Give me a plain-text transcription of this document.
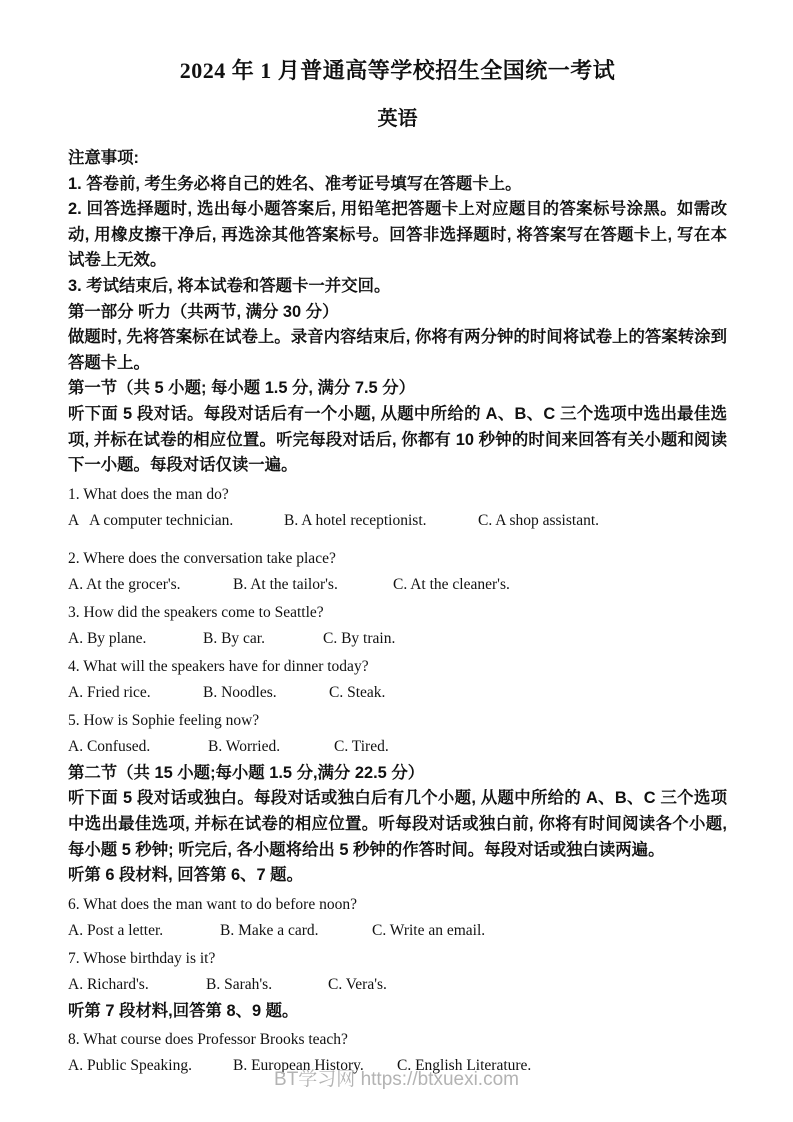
2024 年 1 月普通高等学校招生全国统一考试
英语

注意事项:

1. 答卷前, 考生务必将自己的姓名、准考证号填写在答题卡上。

2. 回答选择题时, 选出每小题答案后, 用铅笔把答题卡上对应题目的答案标号涂黑。如需改动, 用橡皮擦干净后, 再选涂其他答案标号。回答非选择题时, 将答案写在答题卡上, 写在本试卷上无效。

3. 考试结束后, 将本试卷和答题卡一并交回。

第一部分 听力（共两节, 满分 30 分）

做题时, 先将答案标在试卷上。录音内容结束后, 你将有两分钟的时间将试卷上的答案转涂到答题卡上。

第一节（共 5 小题; 每小题 1.5 分, 满分 7.5 分）

听下面 5 段对话。每段对话后有一个小题, 从题中所给的 A、B、C 三个选项中选出最佳选项, 并标在试卷的相应位置。听完每段对话后, 你都有 10 秒钟的时间来回答有关小题和阅读下一小题。每段对话仅读一遍。

1. What does the man do?

A   A computer technician.	B. A hotel receptionist.	C. A shop assistant.

2. Where does the conversation take place?

A. At the grocer's.	B. At the tailor's.	C. At the cleaner's.

3. How did the speakers come to Seattle?

A. By plane.	B. By car.	C. By train.

4. What will the speakers have for dinner today?

A. Fried rice.	B. Noodles.	C. Steak.

5. How is Sophie feeling now?

A. Confused.	B. Worried.	C. Tired.

第二节（共 15 小题;每小题 1.5 分,满分 22.5 分）

听下面 5 段对话或独白。每段对话或独白后有几个小题, 从题中所给的 A、B、C 三个选项中选出最佳选项, 并标在试卷的相应位置。听每段对话或独白前, 你将有时间阅读各个小题, 每小题 5 秒钟; 听完后, 各小题将给出 5 秒钟的作答时间。每段对话或独白读两遍。

听第 6 段材料, 回答第 6、7 题。

6. What does the man want to do before noon?

A. Post a letter.	B. Make a card.	C. Write an email.

7. Whose birthday is it?

A. Richard's.	B. Sarah's.	C. Vera's.

听第 7 段材料,回答第 8、9 题。

8. What course does Professor Brooks teach?

A. Public Speaking.	B. European History.	C. English Literature.
BT学习网 https://btxuexi.com
